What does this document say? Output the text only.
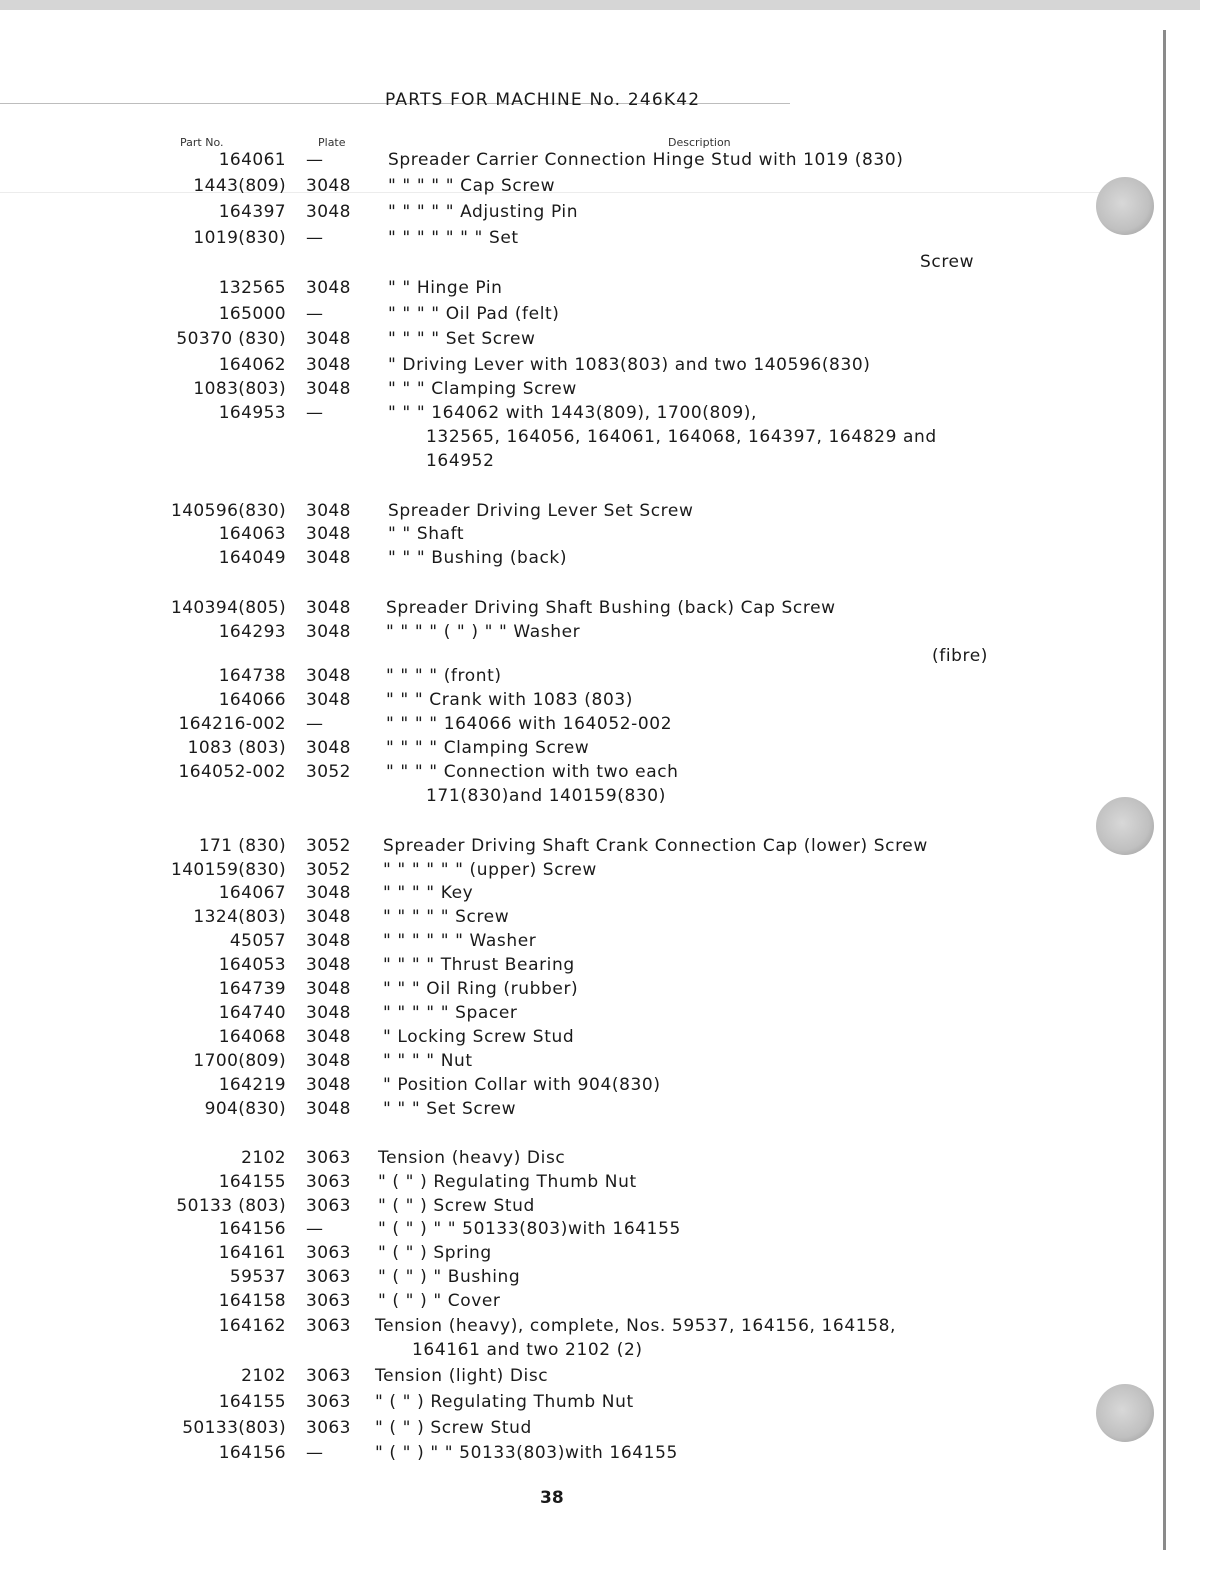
PARTS FOR MACHINE No. 246K42
Part No.	Plate	Description
164061 —	Spreader Carrier Connection Hinge Stud with 1019 (830)
1443(809) 3048 " " " " " Cap Screw
164397 3048 " " " " " Adjusting Pin
1019(830) —	" " " " " " " Set
Screw
132565 3048 " " Hinge Pin
165000 —	" " " " Oil Pad (felt)
50370 (830) 3048 " " " " Set Screw
164062 3048 " Driving Lever with 1083(803) and two 140596(830)
1083(803) 3048 " " " Clamping Screw
164953 —	" " " 164062 with 1443(809), 1700(809),
132565, 164056, 164061, 164068, 164397, 164829 and
164952
140596(830) 3048 Spreader Driving Lever Set Screw
164063 3048 " " Shaft
164049 3048 " " " Bushing (back)
140394(805) 3048 Spreader Driving Shaft Bushing (back) Cap Screw
164293 3048 " " " " ( " ) " " Washer
(fibre)
164738 3048 " " " " (front)
164066 3048 " " " Crank with 1083 (803)
164216-002 —	" " " " 164066 with 164052-002
1083 (803) 3048 " " " " Clamping Screw
164052-002 3052 " " " " Connection with two each
171(830)and 140159(830)
171 (830) 3052 Spreader Driving Shaft Crank Connection Cap (lower) Screw
140159(830) 3052 " " " " " " (upper) Screw
164067 3048 " " " " Key
1324(803) 3048 " " " " " Screw
45057 3048 " " " " " " Washer
164053 3048 " " " " Thrust Bearing
164739 3048 " " " Oil Ring (rubber)
164740 3048 " " " " " Spacer
164068 3048 " Locking Screw Stud
1700(809) 3048 " " " " Nut
164219 3048 " Position Collar with 904(830)
904(830) 3048 " " " Set Screw
2102 3063 Tension (heavy) Disc
164155 3063 " ( " ) Regulating Thumb Nut
50133 (803) 3063 " ( " ) Screw Stud
164156 —	" ( " ) " " 50133(803)with 164155
164161 3063 " ( " ) Spring
59537 3063 " ( " ) " Bushing
164158 3063 " ( " ) " Cover
164162 3063 Tension (heavy), complete, Nos. 59537, 164156, 164158,
164161 and two 2102 (2)
2102 3063 Tension (light) Disc
164155 3063 " ( " ) Regulating Thumb Nut
50133(803) 3063 " ( " ) Screw Stud
164156 —	" ( " ) " " 50133(803)with 164155
38
